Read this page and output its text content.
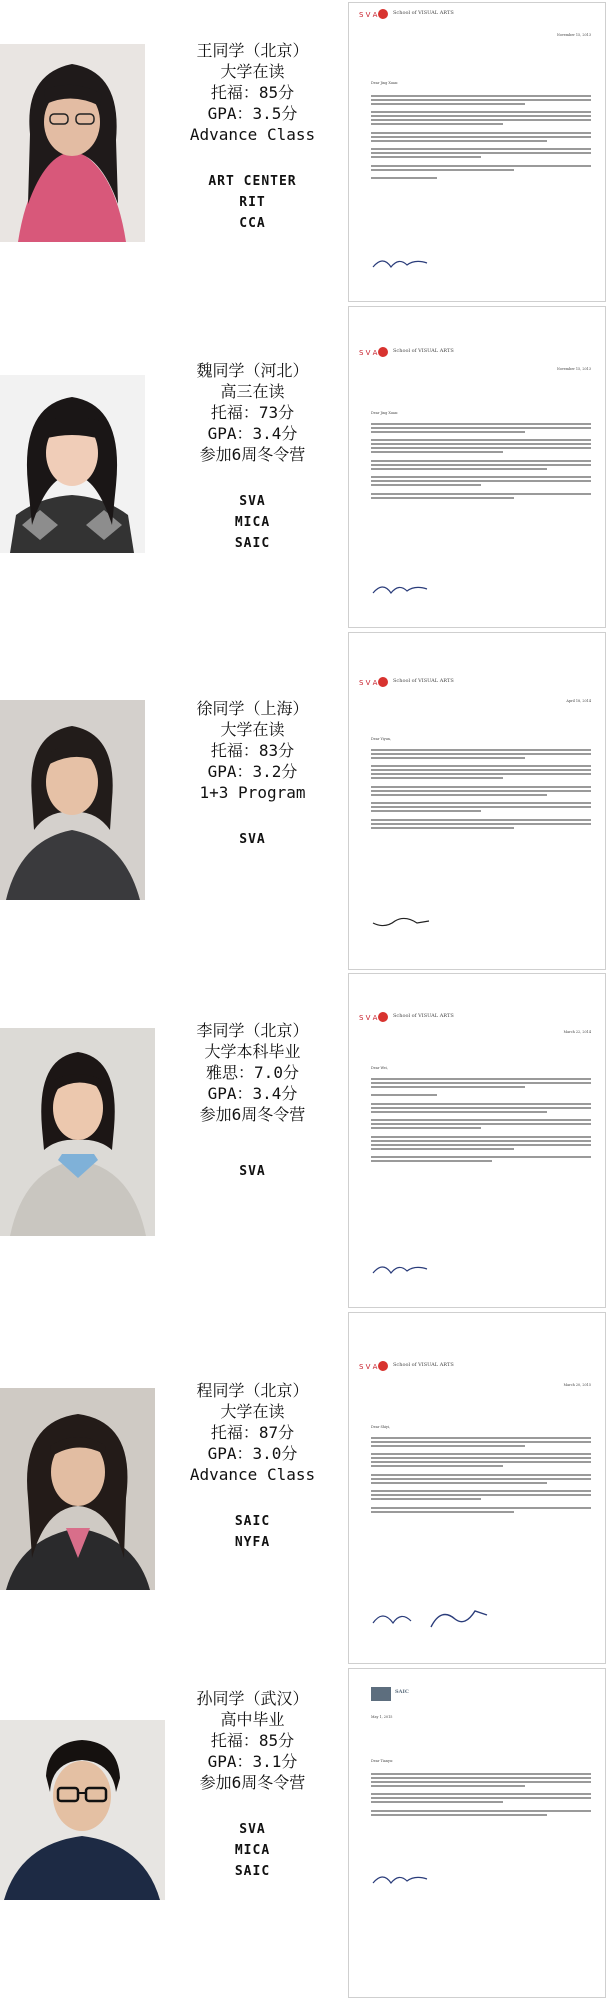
王同学（北京）
大学在读
托福：85分
GPA：3.5分
Advance Class
ART CENTER
RIT
CCA
魏同学（河北）
高三在读
托福：73分
GPA：3.4分
参加6周冬令营
SVA
MICA
SAIC
徐同学（上海）
大学在读
托福：83分
GPA：3.2分
1+3 Program
SVA
李同学（北京）
大学本科毕业
雅思：7.0分
GPA：3.4分
参加6周冬令营
SVA
程同学（北京）
大学在读
托福：87分
GPA：3.0分
Advance Class
SAIC
NYFA
孙同学（武汉）
高中毕业
托福：85分
GPA：3.1分
参加6周冬令营
SVA
MICA
SAIC
S V A	School of VISUAL ARTS
November 15, 2013
Dear Jing Xuan:

S V A	School of VISUAL ARTS
November 15, 2013
Dear Jing Xuan:

S V A	School of VISUAL ARTS
April 18, 2014
Dear Yiyun,

S V A	School of VISUAL ARTS
March 22, 2014
Dear Wei,

S V A	School of VISUAL ARTS
March 20, 2015
Dear Shiyi,

SAIC
May 1, 2015
Dear Tianyu:
